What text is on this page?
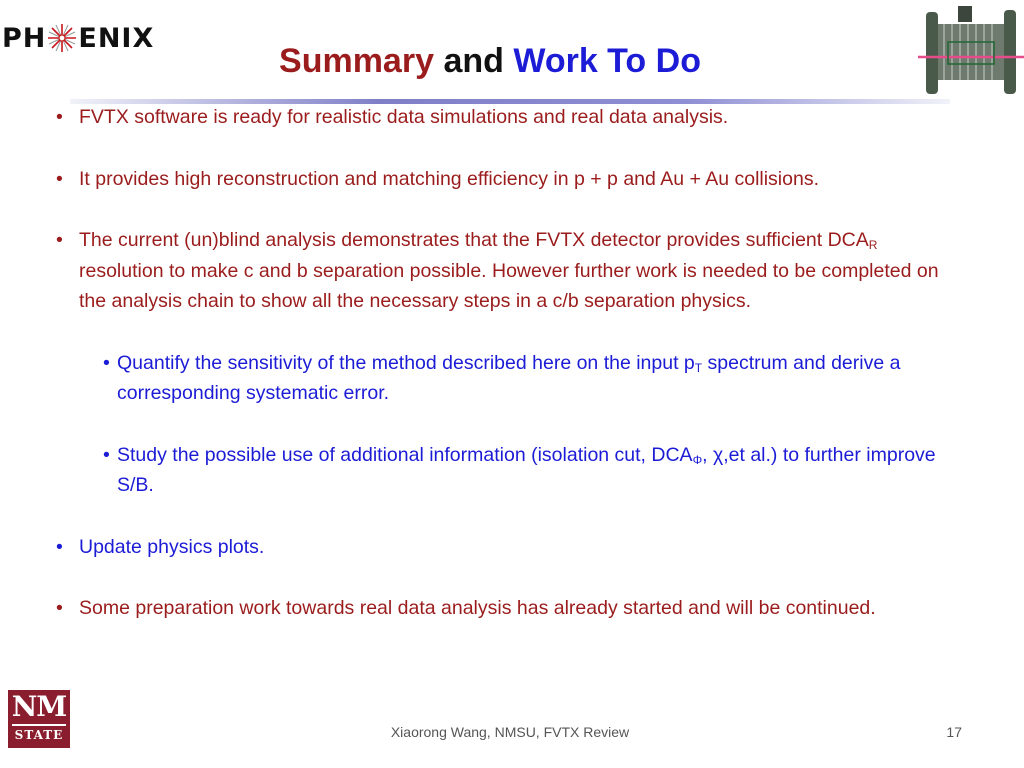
PH ENIX
Summary and Work To Do
• FVTX software is ready for realistic data simulations and real data analysis.
• It provides high reconstruction and matching efficiency in p + p and Au + Au collisions.
• The current (un)blind analysis demonstrates that the FVTX detector provides sufficient $DCA_R$ resolution to make c and b separation possible. However further work is needed to be completed on the analysis chain to show all the necessary steps in a c/b separation physics.
• Quantify the sensitivity of the method described here on the input $p_T$ spectrum and derive a corresponding systematic error.
• Study the possible use of additional information (isolation cut, $DCA_\Phi$, χ,et al.) to further improve S/B.
• Update physics plots.
• Some preparation work towards real data analysis has already started and will be continued.
NM
STATE	Xiaorong Wang, NMSU, FVTX Review	17
